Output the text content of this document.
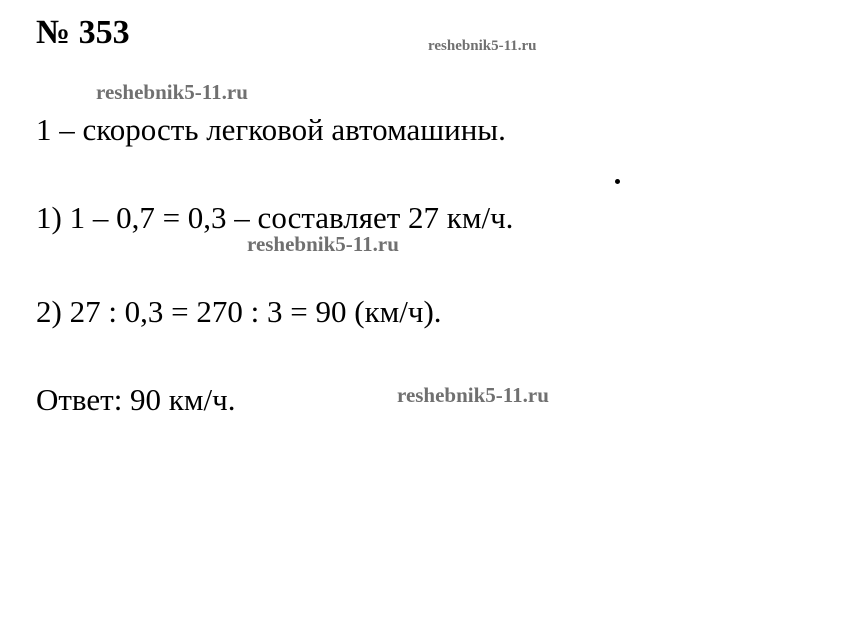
№ 353	reshebnik5-11.ru
reshebnik5-11.ru
1 – скорость легковой автомашины.
1) 1 – 0,7 = 0,3 – составляет 27 км/ч.
reshebnik5-11.ru
2) 27 : 0,3 = 270 : 3 = 90 (км/ч).
Ответ: 90 км/ч.	reshebnik5-11.ru
